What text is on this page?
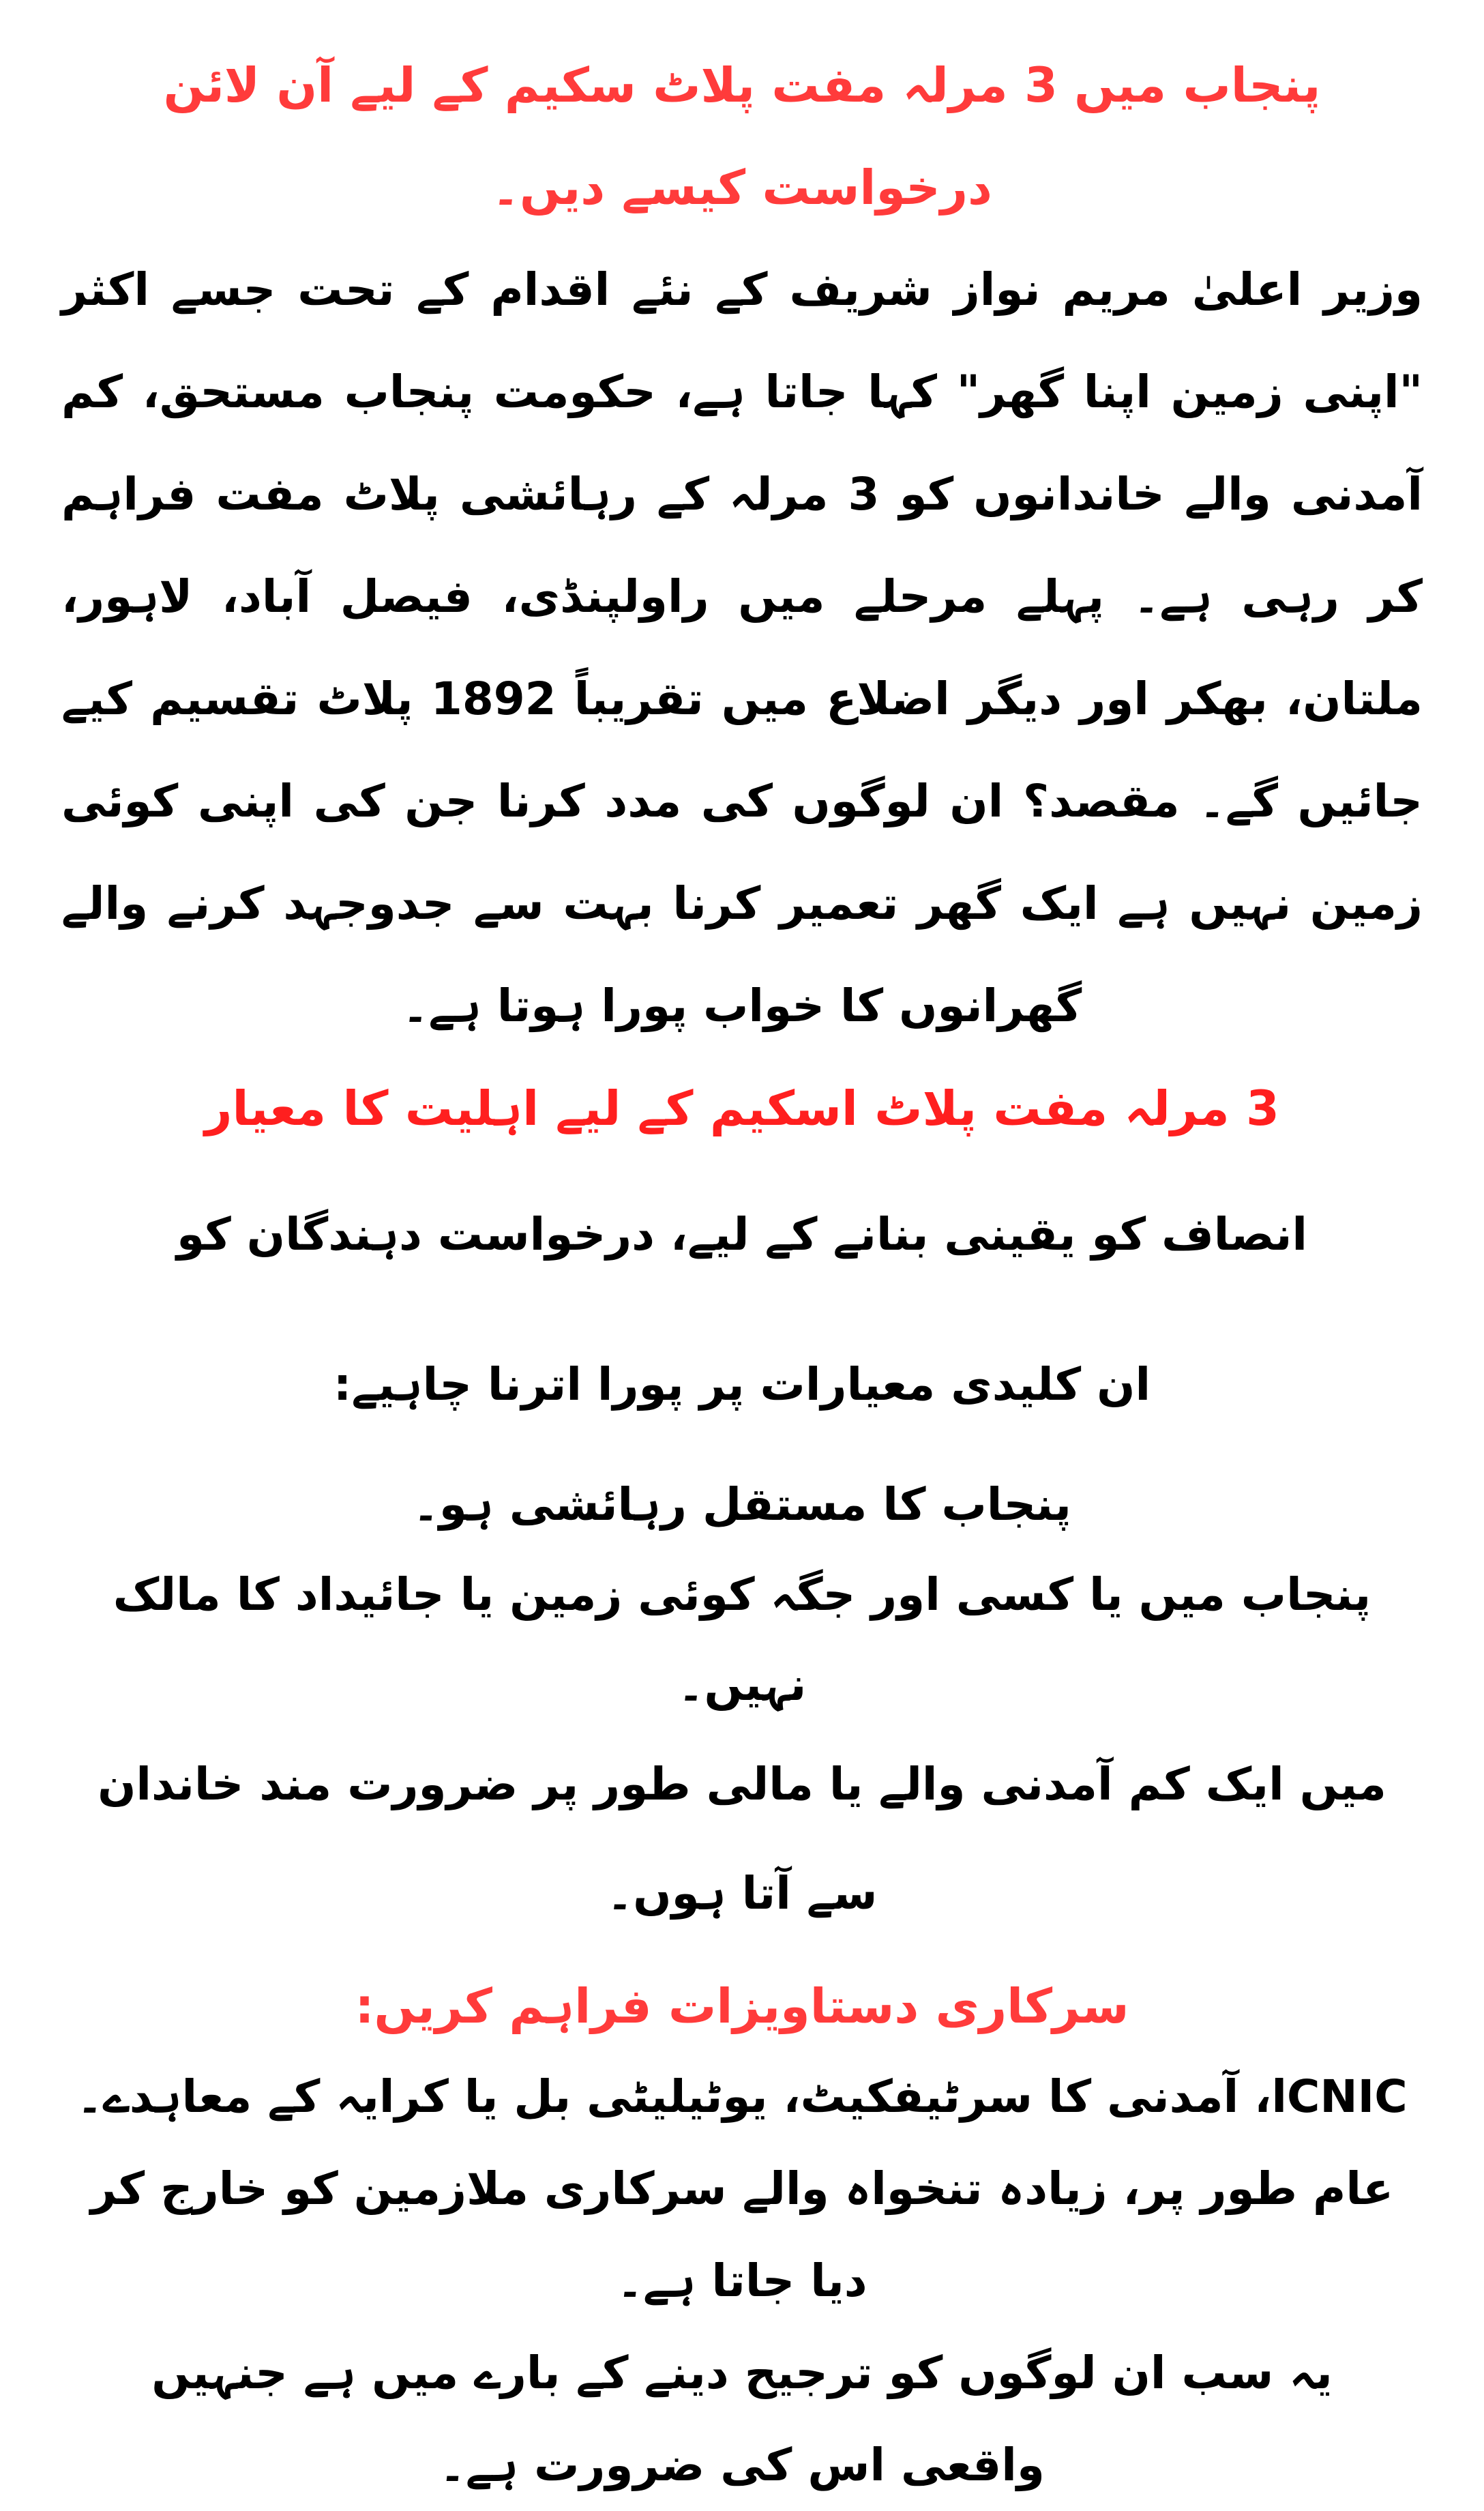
پنجاب میں 3 مرلہ مفت پلاٹ سکیم کے لیے آن لائن درخواست کیسے دیں۔

وزیر اعلیٰ مریم نواز شریف کے نئے اقدام کے تحت جسے اکثر "اپنی زمین اپنا گھر" کہا جاتا ہے، حکومت پنجاب مستحق، کم آمدنی والے خاندانوں کو 3 مرلہ کے رہائشی پلاٹ مفت فراہم کر رہی ہے۔ پہلے مرحلے میں راولپنڈی، فیصل آباد، لاہور، ملتان، بھکر اور دیگر اضلاع میں تقریباً 1892 پلاٹ تقسیم کیے جائیں گے۔ مقصد؟ ان لوگوں کی مدد کرنا جن کی اپنی کوئی زمین نہیں ہے ایک گھر تعمیر کرنا بہت سے جدوجہد کرنے والے گھرانوں کا خواب پورا ہوتا ہے۔

3 مرلہ مفت پلاٹ اسکیم کے لیے اہلیت کا معیار

انصاف کو یقینی بنانے کے لیے، درخواست دہندگان کو ان کلیدی معیارات پر پورا اترنا چاہیے:

پنجاب کا مستقل رہائشی ہو۔

پنجاب میں یا کسی اور جگہ کوئی زمین یا جائیداد کا مالک نہیں۔

میں ایک کم آمدنی والے یا مالی طور پر ضرورت مند خاندان سے آتا ہوں۔

سرکاری دستاویزات فراہم کریں:

CNICا، آمدنی کا سرٹیفکیٹ، یوٹیلیٹی بل یا کرایہ کے معاہدے۔

عام طور پر، زیادہ تنخواہ والے سرکاری ملازمین کو خارج کر دیا جاتا ہے۔

یہ سب ان لوگوں کو ترجیح دینے کے بارے میں ہے جنہیں واقعی اس کی ضرورت ہے۔
